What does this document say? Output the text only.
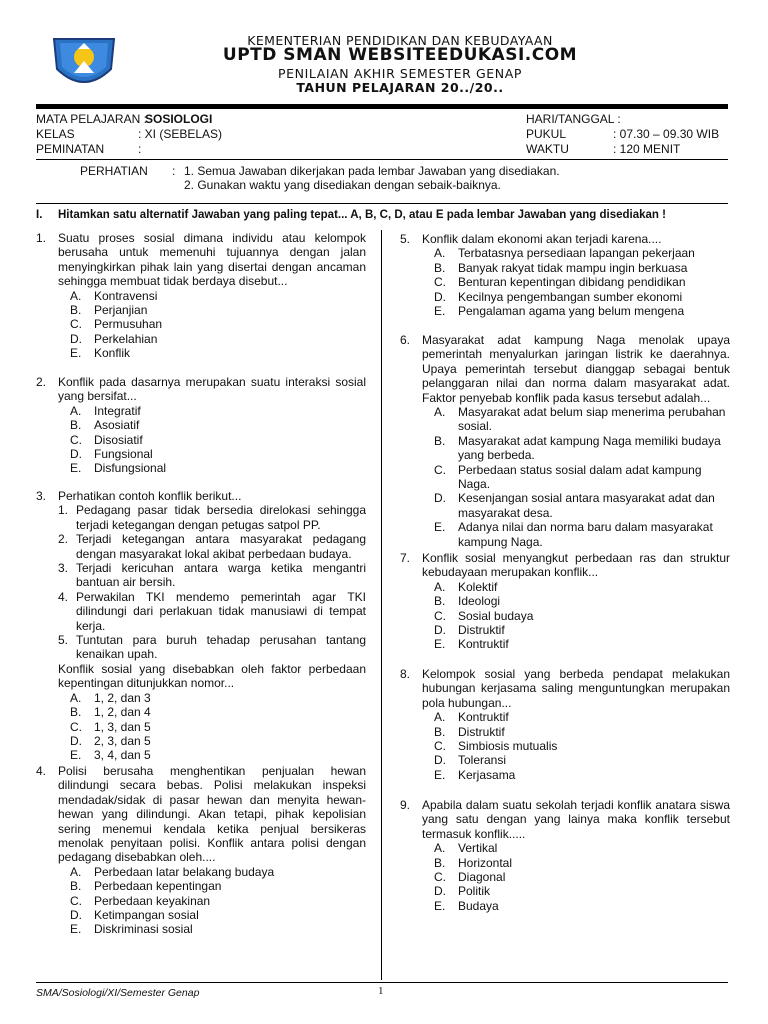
KEMENTERIAN PENDIDIKAN DAN KEBUDAYAAN
UPTD SMAN WEBSITEEDUKASI.COM
PENILAIAN AKHIR SEMESTER GENAP
TAHUN PELAJARAN 20../20..
MATA PELAJARAN :
SOSIOLOGI
KELAS	: XI (SEBELAS)
PEMINATAN	:
HARI/TANGGAL :
PUKUL	: 07.30 – 09.30 WIB
WAKTU	: 120 MENIT
PERHATIAN : 1. Semua Jawaban dikerjakan pada lembar Jawaban yang disediakan.
2. Gunakan waktu yang disediakan dengan sebaik-baiknya.
I. Hitamkan satu alternatif Jawaban yang paling tepat... A, B, C, D, atau E pada lembar Jawaban yang disediakan !
1. Suatu proses sosial dimana individu atau kelompok berusaha untuk memenuhi tujuannya dengan jalan menyingkirkan pihak lain yang disertai dengan ancaman sehingga membuat tidak berdaya disebut...
A. Kontravensi
B. Perjanjian
C. Permusuhan
D. Perkelahian
E. Konflik
2. Konflik pada dasarnya merupakan suatu interaksi sosial yang bersifat...
A. Integratif
B. Asosiatif
C. Disosiatif
D. Fungsional
E. Disfungsional
3. Perhatikan contoh konflik berikut...
1. Pedagang pasar tidak bersedia direlokasi sehingga terjadi ketegangan dengan petugas satpol PP.
2. Terjadi ketegangan antara masyarakat pedagang dengan masyarakat lokal akibat perbedaan budaya.
3. Terjadi kericuhan antara warga ketika mengantri bantuan air bersih.
4. Perwakilan TKI mendemo pemerintah agar TKI dilindungi dari perlakuan tidak manusiawi di tempat kerja.
5. Tuntutan para buruh tehadap perusahan tantang kenaikan upah.
Konflik sosial yang disebabkan oleh faktor perbedaan kepentingan ditunjukkan nomor...
A. 1, 2, dan 3
B. 1, 2, dan 4
C. 1, 3, dan 5
D. 2, 3, dan 5
E. 3, 4, dan 5
4. Polisi berusaha menghentikan penjualan hewan dilindungi secara bebas. Polisi melakukan inspeksi mendadak/sidak di pasar hewan dan menyita hewan-hewan yang dilindungi. Akan tetapi, pihak kepolisian sering menemui kendala ketika penjual bersikeras menolak penyitaan polisi. Konflik antara polisi dengan pedagang disebabkan oleh....
A. Perbedaan latar belakang budaya
B. Perbedaan kepentingan
C. Perbedaan keyakinan
D. Ketimpangan sosial
E. Diskriminasi sosial
5. Konflik dalam ekonomi akan terjadi karena....
A. Terbatasnya persediaan lapangan pekerjaan
B. Banyak rakyat tidak mampu ingin berkuasa
C. Benturan kepentingan dibidang pendidikan
D. Kecilnya pengembangan sumber ekonomi
E. Pengalaman agama yang belum mengena
6. Masyarakat adat kampung Naga menolak upaya pemerintah menyalurkan jaringan listrik ke daerahnya. Upaya pemerintah tersebut dianggap sebagai bentuk pelanggaran nilai dan norma dalam masyarakat adat. Faktor penyebab konflik pada kasus tersebut adalah...
A. Masyarakat adat belum siap menerima perubahan sosial.
B. Masyarakat adat kampung Naga memiliki budaya yang berbeda.
C. Perbedaan status sosial dalam adat kampung Naga.
D. Kesenjangan sosial antara masyarakat adat dan masyarakat desa.
E. Adanya nilai dan norma baru dalam masyarakat kampung Naga.
7. Konflik sosial menyangkut perbedaan ras dan struktur kebudayaan merupakan konflik...
A. Kolektif
B. Ideologi
C. Sosial budaya
D. Distruktif
E. Kontruktif
8. Kelompok sosial yang berbeda pendapat melakukan hubungan kerjasama saling menguntungkan merupakan pola hubungan...
A. Kontruktif
B. Distruktif
C. Simbiosis mutualis
D. Toleransi
E. Kerjasama
9. Apabila dalam suatu sekolah terjadi konflik anatara siswa yang satu dengan yang lainya maka konflik tersebut termasuk konflik.....
A. Vertikal
B. Horizontal
C. Diagonal
D. Politik
E. Budaya
SMA/Sosiologi/XI/Semester Genap	1
